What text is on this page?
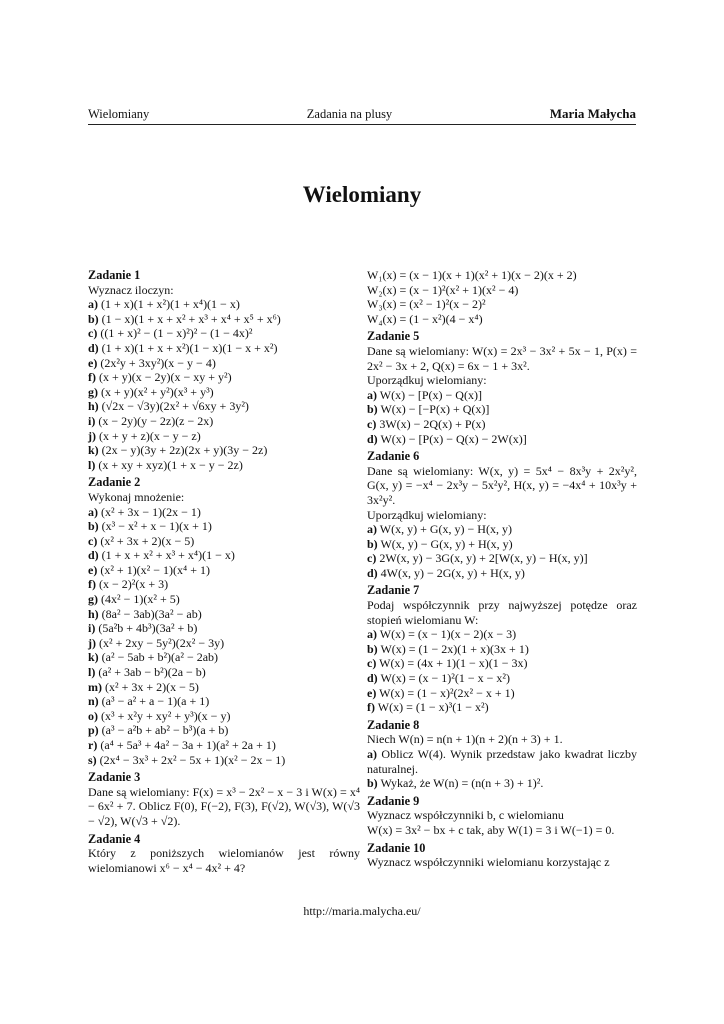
Wielomiany	Zadania na plusy	Maria Małycha
Wielomiany
Zadanie 1
Wyznacz iloczyn:
a) (1 + x)(1 + x²)(1 + x⁴)(1 − x)
b) (1 − x)(1 + x + x² + x³ + x⁴ + x⁵ + x⁶)
c) ((1 + x)² − (1 − x)²)² − (1 − 4x)²
d) (1 + x)(1 + x + x²)(1 − x)(1 − x + x²)
e) (2x²y + 3xy²)(x − y − 4)
f) (x + y)(x − 2y)(x − xy + y²)
g) (x + y)(x² + y²)(x³ + y³)
h) (√2x − √3y)(2x² + √6xy + 3y²)
i) (x − 2y)(y − 2z)(z − 2x)
j) (x + y + z)(x − y − z)
k) (2x − y)(3y + 2z)(2x + y)(3y − 2z)
l) (x + xy + xyz)(1 + x − y − 2z)
Zadanie 2
Wykonaj mnożenie:
a) (x² + 3x − 1)(2x − 1)
b) (x³ − x² + x − 1)(x + 1)
c) (x² + 3x + 2)(x − 5)
d) (1 + x + x² + x³ + x⁴)(1 − x)
e) (x² + 1)(x² − 1)(x⁴ + 1)
f) (x − 2)²(x + 3)
g) (4x² − 1)(x² + 5)
h) (8a² − 3ab)(3a² − ab)
i) (5a²b + 4b³)(3a² + b)
j) (x² + 2xy − 5y²)(2x² − 3y)
k) (a² − 5ab + b²)(a² − 2ab)
l) (a² + 3ab − b²)(2a − b)
m) (x² + 3x + 2)(x − 5)
n) (a³ − a² + a − 1)(a + 1)
o) (x³ + x²y + xy² + y³)(x − y)
p) (a³ − a²b + ab² − b³)(a + b)
r) (a⁴ + 5a³ + 4a² − 3a + 1)(a² + 2a + 1)
s) (2x⁴ − 3x³ + 2x² − 5x + 1)(x² − 2x − 1)
Zadanie 3
Dane są wielomiany: F(x) = x³ − 2x² − x − 3 i W(x) = x⁴ − 6x² + 7. Oblicz F(0), F(−2), F(3), F(√2), W(√3), W(√3 − √2), W(√3 + √2).
Zadanie 4
Który z poniższych wielomianów jest równy wielomianowi x⁶ − x⁴ − 4x² + 4?
W₁(x) = (x − 1)(x + 1)(x² + 1)(x − 2)(x + 2)
W₂(x) = (x − 1)²(x² + 1)(x² − 4)
W₃(x) = (x² − 1)²(x − 2)²
W₄(x) = (1 − x²)(4 − x⁴)
Zadanie 5
Dane są wielomiany: W(x) = 2x³ − 3x² + 5x − 1, P(x) = 2x² − 3x + 2, Q(x) = 6x − 1 + 3x².
Uporządkuj wielomiany:
a) W(x) − [P(x) − Q(x)]
b) W(x) − [−P(x) + Q(x)]
c) 3W(x) − 2Q(x) + P(x)
d) W(x) − [P(x) − Q(x) − 2W(x)]
Zadanie 6
Dane są wielomiany: W(x, y) = 5x⁴ − 8x³y + 2x²y², G(x, y) = −x⁴ − 2x³y − 5x²y², H(x, y) = −4x⁴ + 10x³y + 3x²y².
Uporządkuj wielomiany:
a) W(x, y) + G(x, y) − H(x, y)
b) W(x, y) − G(x, y) + H(x, y)
c) 2W(x, y) − 3G(x, y) + 2[W(x, y) − H(x, y)]
d) 4W(x, y) − 2G(x, y) + H(x, y)
Zadanie 7
Podaj współczynnik przy najwyższej potędze oraz stopień wielomianu W:
a) W(x) = (x − 1)(x − 2)(x − 3)
b) W(x) = (1 − 2x)(1 + x)(3x + 1)
c) W(x) = (4x + 1)(1 − x)(1 − 3x)
d) W(x) = (x − 1)²(1 − x − x²)
e) W(x) = (1 − x)²(2x² − x + 1)
f) W(x) = (1 − x)³(1 − x²)
Zadanie 8
Niech W(n) = n(n + 1)(n + 2)(n + 3) + 1.
a) Oblicz W(4). Wynik przedstaw jako kwadrat liczby naturalnej.
b) Wykaż, że W(n) = (n(n + 3) + 1)².
Zadanie 9
Wyznacz współczynniki b, c wielomianu
W(x) = 3x² − bx + c tak, aby W(1) = 3 i W(−1) = 0.
Zadanie 10
Wyznacz współczynniki wielomianu korzystając z
http://maria.malycha.eu/
